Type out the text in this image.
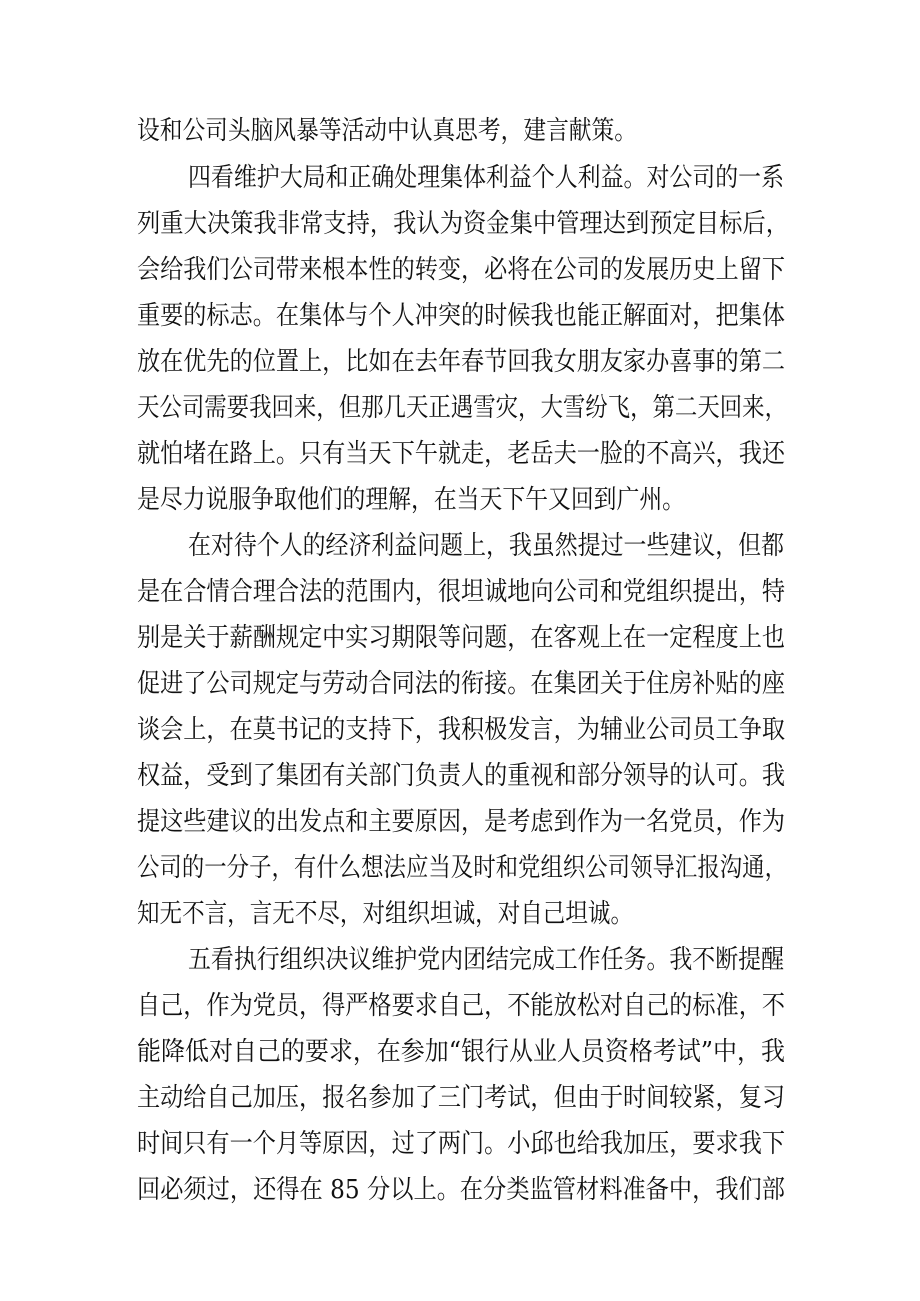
设和公司头脑风暴等活动中认真思考，建言献策。

四看维护大局和正确处理集体利益个人利益。对公司的一系

列重大决策我非常支持，我认为资金集中管理达到预定目标后，

会给我们公司带来根本性的转变，必将在公司的发展历史上留下

重要的标志。在集体与个人冲突的时候我也能正解面对，把集体

放在优先的位置上，比如在去年春节回我女朋友家办喜事的第二

天公司需要我回来，但那几天正遇雪灾，大雪纷飞，第二天回来，

就怕堵在路上。只有当天下午就走，老岳夫一脸的不高兴，我还

是尽力说服争取他们的理解，在当天下午又回到广州。

在对待个人的经济利益问题上，我虽然提过一些建议，但都

是在合情合理合法的范围内，很坦诚地向公司和党组织提出，特

别是关于薪酬规定中实习期限等问题，在客观上在一定程度上也

促进了公司规定与劳动合同法的衔接。在集团关于住房补贴的座

谈会上，在莫书记的支持下，我积极发言，为辅业公司员工争取

权益，受到了集团有关部门负责人的重视和部分领导的认可。我

提这些建议的出发点和主要原因，是考虑到作为一名党员，作为

公司的一分子，有什么想法应当及时和党组织公司领导汇报沟通，

知无不言，言无不尽，对组织坦诚，对自己坦诚。

五看执行组织决议维护党内团结完成工作任务。我不断提醒

自己，作为党员，得严格要求自己，不能放松对自己的标准，不

能降低对自己的要求，在参加“银行从业人员资格考试”中，我

主动给自己加压，报名参加了三门考试，但由于时间较紧，复习

时间只有一个月等原因，过了两门。小邱也给我加压，要求我下

回必须过，还得在 85 分以上。在分类监管材料准备中，我们部
